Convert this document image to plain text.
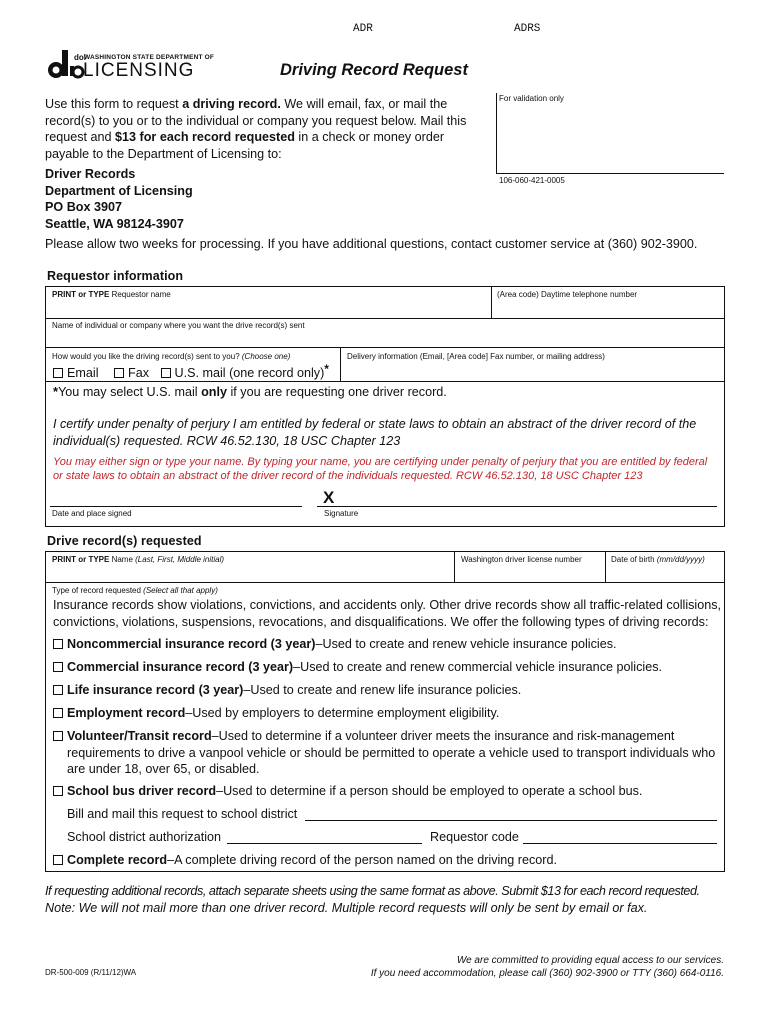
ADR	ADRS
dol
WASHINGTON STATE DEPARTMENT OF
LICENSING	Driving Record Request
Use this form to request a driving record. We will email, fax, or mail the record(s) to you or to the individual or company you request below. Mail this request and $13 for each record requested in a check or money order payable to the Department of Licensing to:
Driver Records
Department of Licensing
PO Box 3907
Seattle, WA 98124-3907
For validation only
106-060-421-0005
Please allow two weeks for processing. If you have additional questions, contact customer service at (360) 902-3900.
Requestor information
PRINT or TYPE Requestor name	(Area code) Daytime telephone number
Name of individual or company where you want the drive record(s) sent
How would you like the driving record(s) sent to you? (Choose one)	Delivery information (Email, [Area code] Fax number, or mailing address)
Email Fax U.S. mail (one record only)*
*You may select U.S. mail only if you are requesting one driver record.
I certify under penalty of perjury I am entitled by federal or state laws to obtain an abstract of the driver record of the individual(s) requested. RCW 46.52.130, 18 USC Chapter 123
You may either sign or type your name. By typing your name, you are certifying under penalty of perjury that you are entitled by federal or state laws to obtain an abstract of the driver record of the individuals requested. RCW 46.52.130, 18 USC Chapter 123
X
Date and place signed	Signature
Drive record(s) requested
PRINT or TYPE Name (Last, First, Middle initial)	Washington driver license number	Date of birth (mm/dd/yyyy)
Type of record requested (Select all that apply)
Insurance records show violations, convictions, and accidents only. Other drive records show all traffic-related collisions, convictions, violations, suspensions, revocations, and disqualifications. We offer the following types of driving records:
Noncommercial insurance record (3 year)–Used to create and renew vehicle insurance policies.
Commercial insurance record (3 year)–Used to create and renew commercial vehicle insurance policies.
Life insurance record (3 year)–Used to create and renew life insurance policies.
Employment record–Used by employers to determine employment eligibility.
Volunteer/Transit record–Used to determine if a volunteer driver meets the insurance and risk-management requirements to drive a vanpool vehicle or should be permitted to operate a vehicle used to transport individuals who are under 18, over 65, or disabled.
School bus driver record–Used to determine if a person should be employed to operate a school bus.
Bill and mail this request to school district
School district authorization	Requestor code
Complete record–A complete driving record of the person named on the driving record.
If requesting additional records, attach separate sheets using the same format as above. Submit $13 for each record requested.
Note: We will not mail more than one driver record. Multiple record requests will only be sent by email or fax.
DR-500-009 (R/11/12)WA
We are committed to providing equal access to our services.
If you need accommodation, please call (360) 902-3900 or TTY (360) 664-0116.
